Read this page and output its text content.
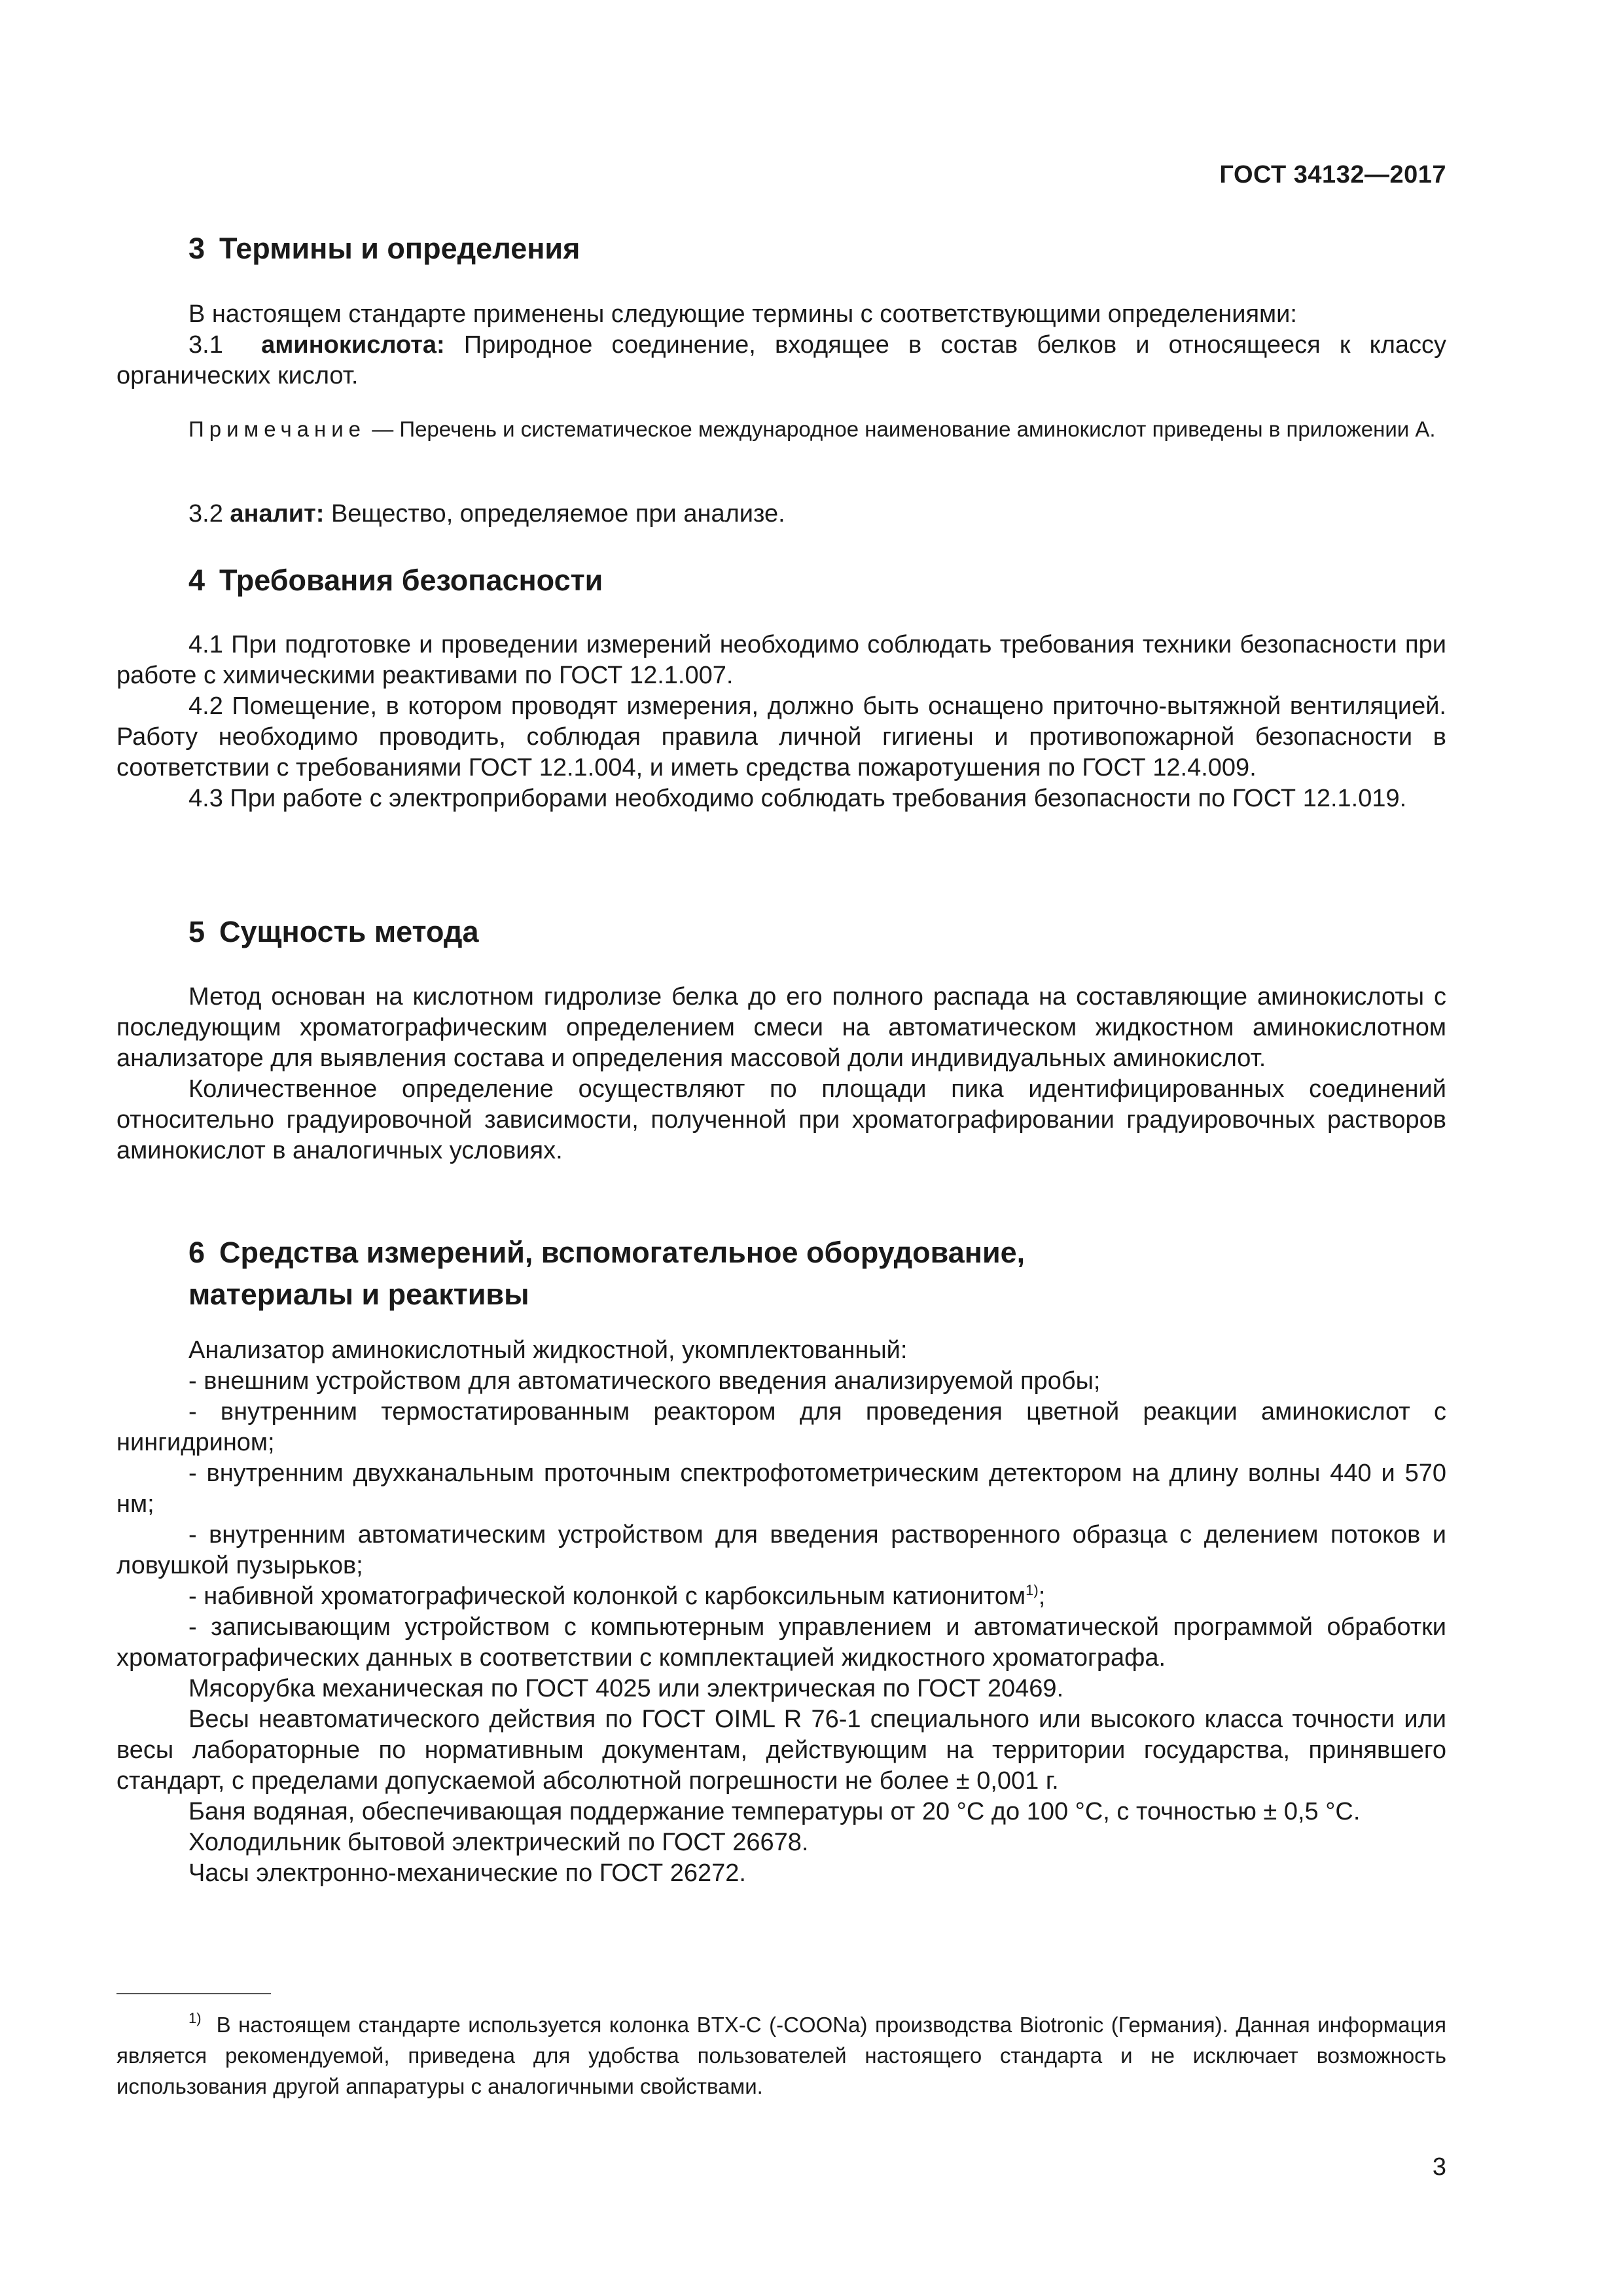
ГОСТ 34132—2017
3 Термины и определения

В настоящем стандарте применены следующие термины с соответствующими определениями:

3.1 аминокислота: Природное соединение, входящее в состав белков и относящееся к классу органических кислот.

Примечание — Перечень и систематическое международное наименование аминокислот приведены в приложении А.

3.2 аналит: Вещество, определяемое при анализе.

4 Требования безопасности

4.1 При подготовке и проведении измерений необходимо соблюдать требования техники безопасности при работе с химическими реактивами по ГОСТ 12.1.007.

4.2 Помещение, в котором проводят измерения, должно быть оснащено приточно-вытяжной вентиляцией. Работу необходимо проводить, соблюдая правила личной гигиены и противопожарной безопасности в соответствии с требованиями ГОСТ 12.1.004, и иметь средства пожаротушения по ГОСТ 12.4.009.

4.3 При работе с электроприборами необходимо соблюдать требования безопасности по ГОСТ 12.1.019.

5 Сущность метода

Метод основан на кислотном гидролизе белка до его полного распада на составляющие аминокислоты с последующим хроматографическим определением смеси на автоматическом жидкостном аминокислотном анализаторе для выявления состава и определения массовой доли индивидуальных аминокислот.

Количественное определение осуществляют по площади пика идентифицированных соединений относительно градуировочной зависимости, полученной при хроматографировании градуировочных растворов аминокислот в аналогичных условиях.

6 Средства измерений, вспомогательное оборудование,
материалы и реактивы

Анализатор аминокислотный жидкостной, укомплектованный:

- внешним устройством для автоматического введения анализируемой пробы;

- внутренним термостатированным реактором для проведения цветной реакции аминокислот с нингидрином;

- внутренним двухканальным проточным спектрофотометрическим детектором на длину волны 440 и 570 нм;

- внутренним автоматическим устройством для введения растворенного образца с делением потоков и ловушкой пузырьков;

- набивной хроматографической колонкой с карбоксильным катионитом$^{1)}$;

- записывающим устройством с компьютерным управлением и автоматической программой обработки хроматографических данных в соответствии с комплектацией жидкостного хроматографа.

Мясорубка механическая по ГОСТ 4025 или электрическая по ГОСТ 20469.

Весы неавтоматического действия по ГОСТ OIML R 76-1 специального или высокого класса точности или весы лабораторные по нормативным документам, действующим на территории государства, принявшего стандарт, с пределами допускаемой абсолютной погрешности не более ± 0,001 г.

Баня водяная, обеспечивающая поддержание температуры от 20 °С до 100 °С, с точностью ± 0,5 °С.

Холодильник бытовой электрический по ГОСТ 26678.

Часы электронно-механические по ГОСТ 26272.

$^{1)}$ В настоящем стандарте используется колонка BTX-C (-COONa) производства Biotronic (Германия). Данная информация является рекомендуемой, приведена для удобства пользователей настоящего стандарта и не исключает возможность использования другой аппаратуры с аналогичными свойствами.

3
